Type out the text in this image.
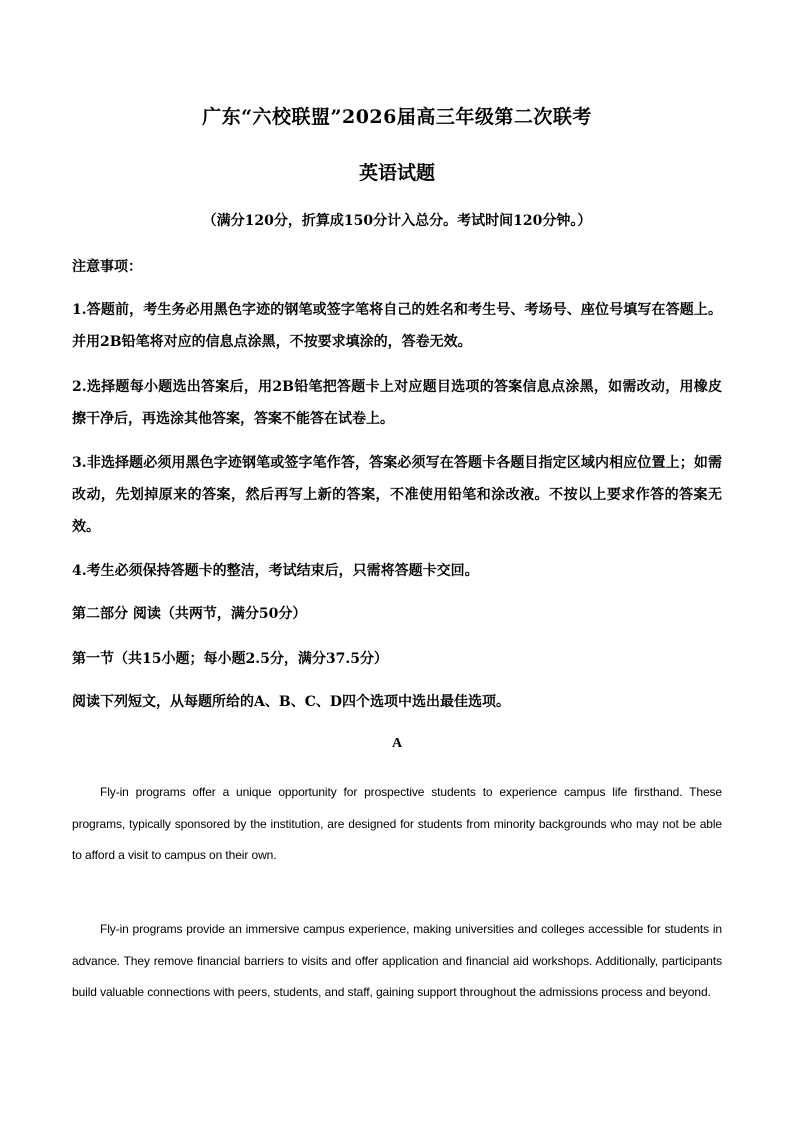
广东“六校联盟”2026届高三年级第二次联考
英语试题
（满分120分，折算成150分计入总分。考试时间120分钟。）

注意事项：

1.答题前，考生务必用黑色字迹的钢笔或签字笔将自己的姓名和考生号、考场号、座位号填写在答题上。并用2B铅笔将对应的信息点涂黑，不按要求填涂的，答卷无效。

2.选择题每小题选出答案后，用2B铅笔把答题卡上对应题目选项的答案信息点涂黑，如需改动，用橡皮擦干净后，再选涂其他答案，答案不能答在试卷上。

3.非选择题必须用黑色字迹钢笔或签字笔作答，答案必须写在答题卡各题目指定区域内相应位置上；如需改动，先划掉原来的答案，然后再写上新的答案，不准使用铅笔和涂改液。不按以上要求作答的答案无效。

4.考生必须保持答题卡的整洁，考试结束后，只需将答题卡交回。

第二部分 阅读（共两节，满分50分）

第一节（共15小题；每小题2.5分，满分37.5分）

阅读下列短文，从每题所给的A、B、C、D四个选项中选出最佳选项。

A

Fly-in programs offer a unique opportunity for prospective students to experience campus life firsthand. These programs, typically sponsored by the institution, are designed for students from minority backgrounds who may not be able to afford a visit to campus on their own.

Fly-in programs provide an immersive campus experience, making universities and colleges accessible for students in advance. They remove financial barriers to visits and offer application and financial aid workshops. Additionally, participants build valuable connections with peers, students, and staff, gaining support throughout the admissions process and beyond.
